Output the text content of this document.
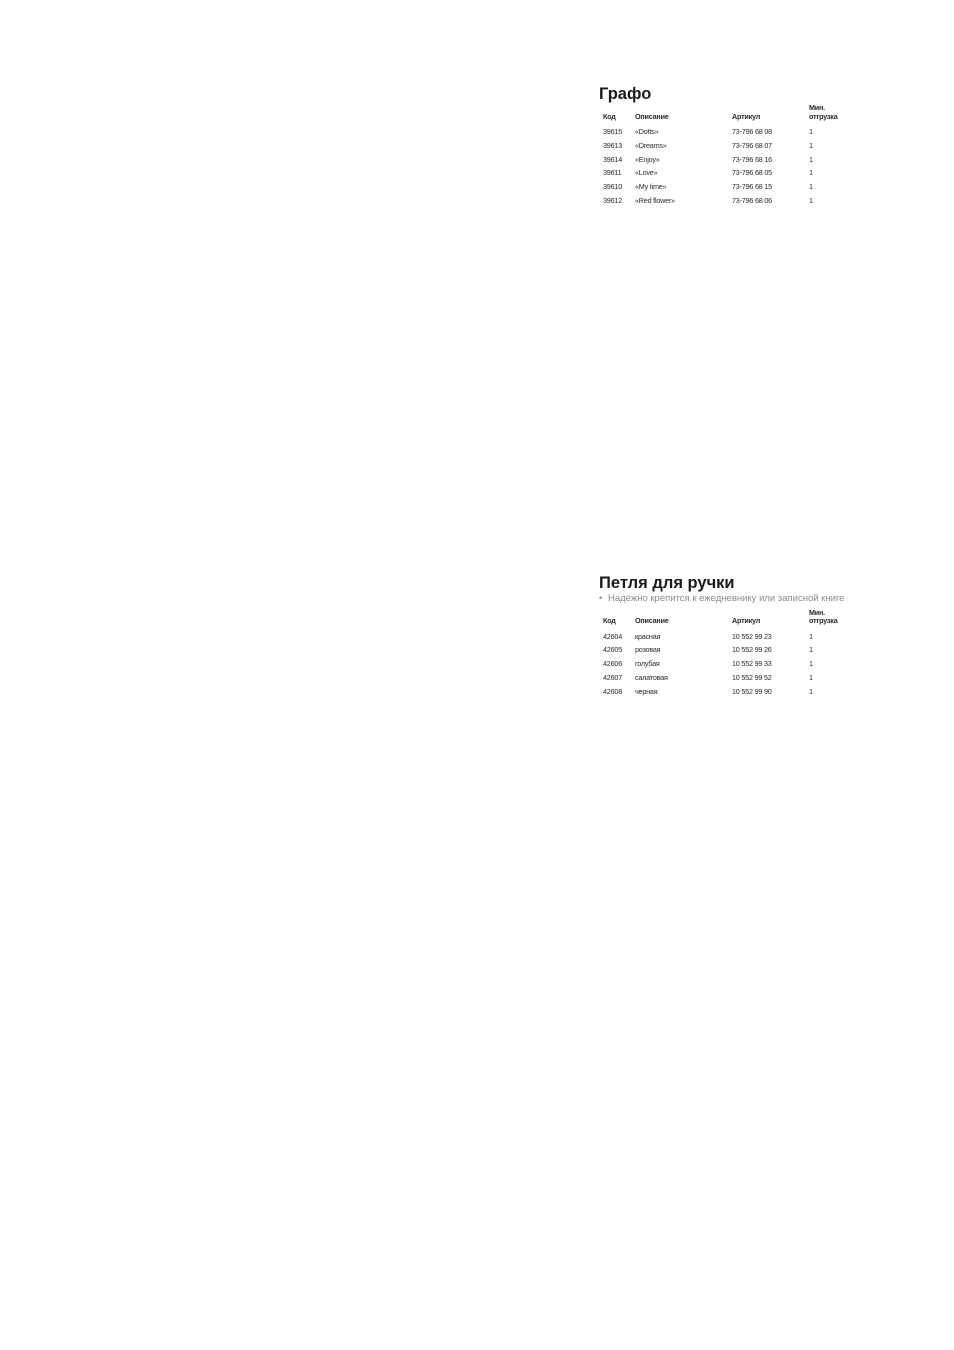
Графо
Код	Описание	Артикул	Мин. отгрузка
39615	«Dotts»	73-796 68 08	1
39613	«Dreams»	73-796 68 07	1
39614	«Enjoy»	73-796 68 16	1
39611	«Love»	73-796 68 05	1
39610	«My time»	73-796 68 15	1
39612	«Red flower»	73-796 68 06	1
Петля для ручки
• Надежно крепится к ежедневнику или записной книге
Код	Описание	Артикул	Мин. отгрузка
42604	красная	10 552 99 23	1
42605	розовая	10 552 99 26	1
42606	голубая	10 552 99 33	1
42607	салатовая	10 552 99 52	1
42608	черная	10 552 99 90	1
